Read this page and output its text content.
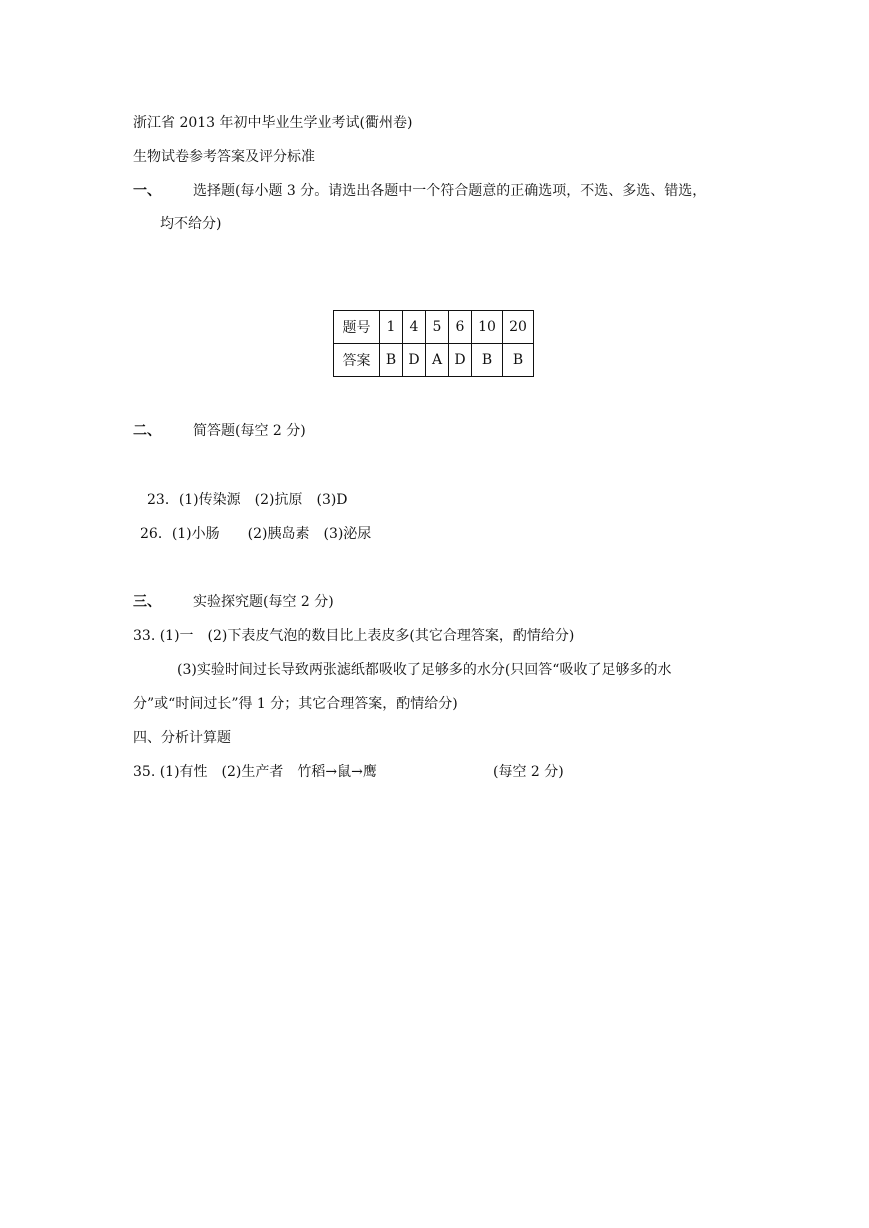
浙江省 2013 年初中毕业生学业考试(衢州卷)
生物试卷参考答案及评分标准
一、 选择题(每小题 3 分。请选出各题中一个符合题意的正确选项，不选、多选、错选，
均不给分)
题号	1	4	5	6	10	20
答案	B	D	A	D	B	B
二、 简答题(每空 2 分)
23．(1)传染源　(2)抗原　(3)D
26．(1)小肠　　(2)胰岛素　(3)泌尿
三、 实验探究题(每空 2 分)
33. (1)一　(2)下表皮气泡的数目比上表皮多(其它合理答案，酌情给分)
(3)实验时间过长导致两张滤纸都吸收了足够多的水分(只回答“吸收了足够多的水
分”或“时间过长”得 1 分；其它合理答案，酌情给分)
四、分析计算题
35. (1)有性　(2)生产者　竹稻→鼠→鹰	(每空 2 分)
